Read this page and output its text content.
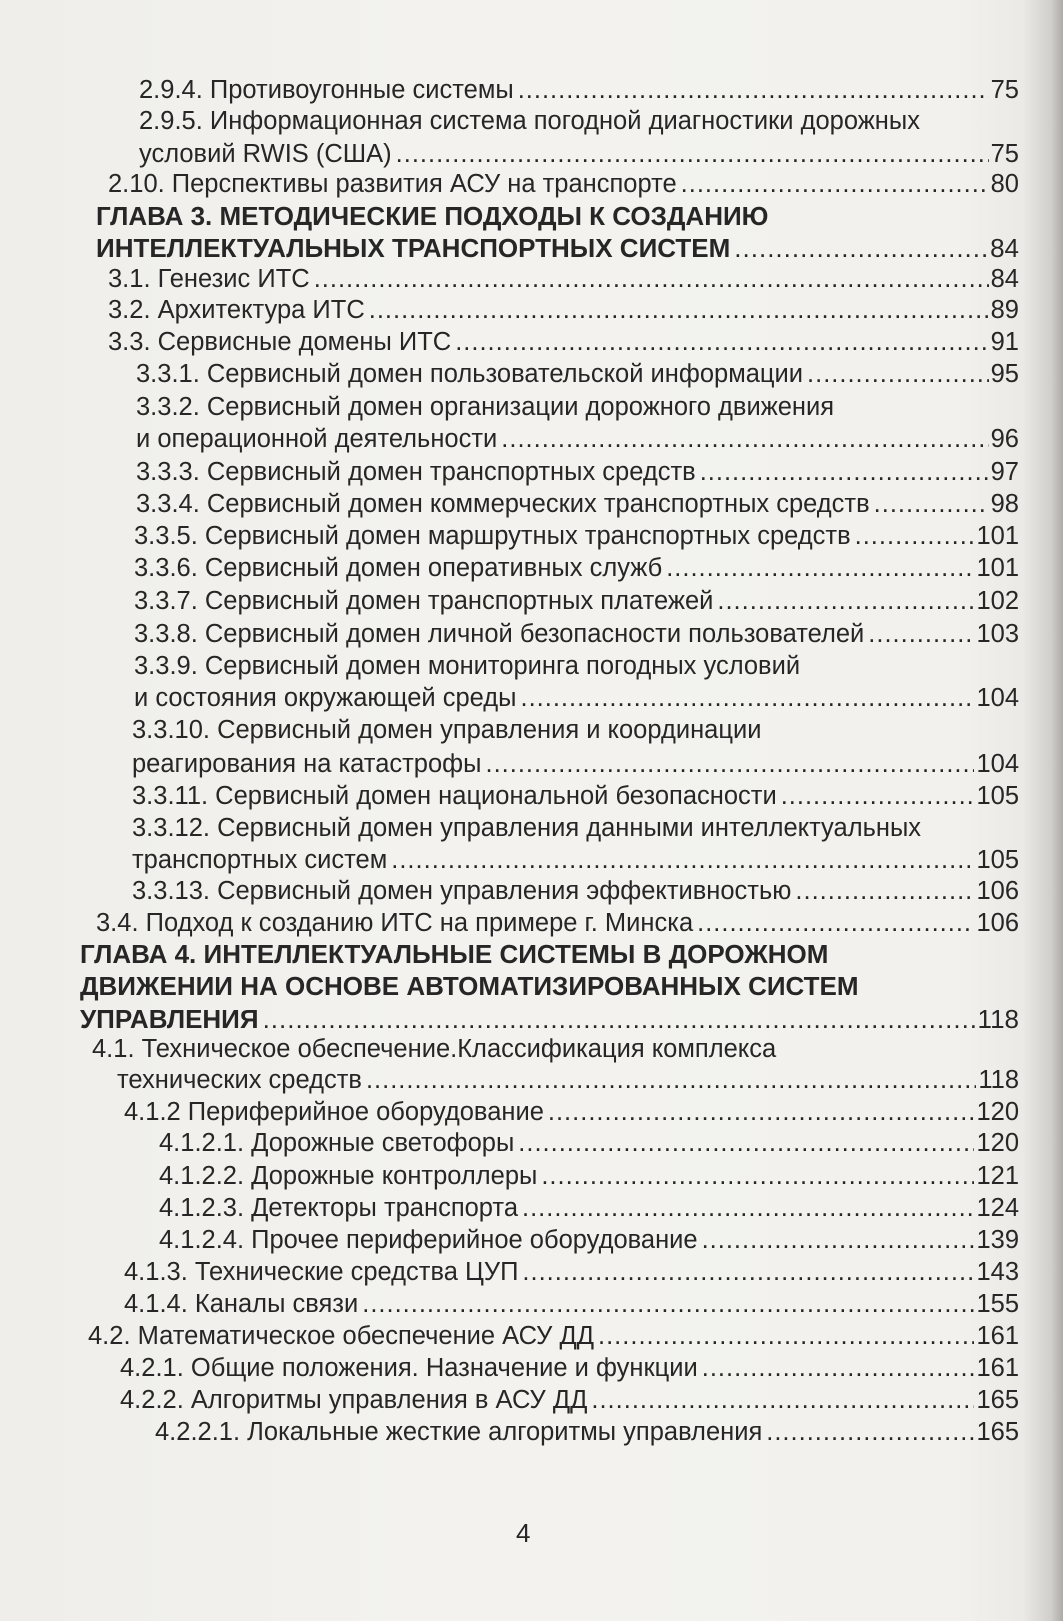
2.9.4. Противоугонные системы .....	75
2.9.5. Информационная система погодной диагностики дорожных
условий RWIS (США) .....	75
2.10. Перспективы развития АСУ на транспорте .....	80
ГЛАВА 3. МЕТОДИЧЕСКИЕ ПОДХОДЫ К СОЗДАНИЮ
ИНТЕЛЛЕКТУАЛЬНЫХ ТРАНСПОРТНЫХ СИСТЕМ .....	84
3.1. Генезис ИТС .....	84
3.2. Архитектура ИТС .....	89
3.3. Сервисные домены ИТС .....	91
3.3.1. Сервисный домен пользовательской информации .....	95
3.3.2. Сервисный домен организации дорожного движения
и операционной деятельности .....	96
3.3.3. Сервисный домен транспортных средств .....	97
3.3.4. Сервисный домен коммерческих транспортных средств .....	98
3.3.5. Сервисный домен маршрутных транспортных средств .....	101
3.3.6. Сервисный домен оперативных служб .....	101
3.3.7. Сервисный домен транспортных платежей .....	102
3.3.8. Сервисный домен личной безопасности пользователей .....	103
3.3.9. Сервисный домен мониторинга погодных условий
и состояния окружающей среды .....	104
3.3.10. Сервисный домен управления и координации
реагирования на катастрофы .....	104
3.3.11. Сервисный домен национальной безопасности .....	105
3.3.12. Сервисный домен управления данными интеллектуальных
транспортных систем .....	105
3.3.13. Сервисный домен управления эффективностью .....	106
3.4. Подход к созданию ИТС на примере г. Минска .....	106
ГЛАВА 4. ИНТЕЛЛЕКТУАЛЬНЫЕ СИСТЕМЫ В ДОРОЖНОМ
ДВИЖЕНИИ НА ОСНОВЕ АВТОМАТИЗИРОВАННЫХ СИСТЕМ
УПРАВЛЕНИЯ .....	118
4.1. Техническое обеспечение.Классификация комплекса
технических средств .....	118
4.1.2 Периферийное оборудование .....	120
4.1.2.1. Дорожные светофоры .....	120
4.1.2.2. Дорожные контроллеры .....	121
4.1.2.3. Детекторы транспорта .....	124
4.1.2.4. Прочее периферийное оборудование .....	139
4.1.3. Технические средства ЦУП .....	143
4.1.4. Каналы связи .....	155
4.2. Математическое обеспечение АСУ ДД .....	161
4.2.1. Общие положения. Назначение и функции .....	161
4.2.2. Алгоритмы управления в АСУ ДД .....	165
4.2.2.1. Локальные жесткие алгоритмы управления .....	165
4
